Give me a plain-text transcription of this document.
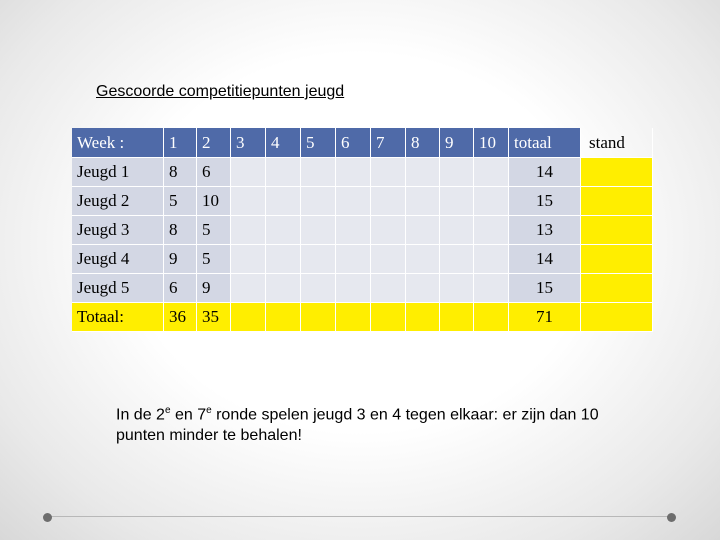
Gescoorde competitiepunten jeugd
Week :	1	2	3	4	5	6	7	8	9	10	totaal	stand
Jeugd 1	8	6									14	
Jeugd 2	5	10									15	
Jeugd 3	8	5									13	
Jeugd 4	9	5									14	
Jeugd 5	6	9									15	
Totaal:	36	35									71	
In de 2e en 7e ronde spelen jeugd 3 en 4 tegen elkaar: er zijn dan 10 punten minder te behalen!
